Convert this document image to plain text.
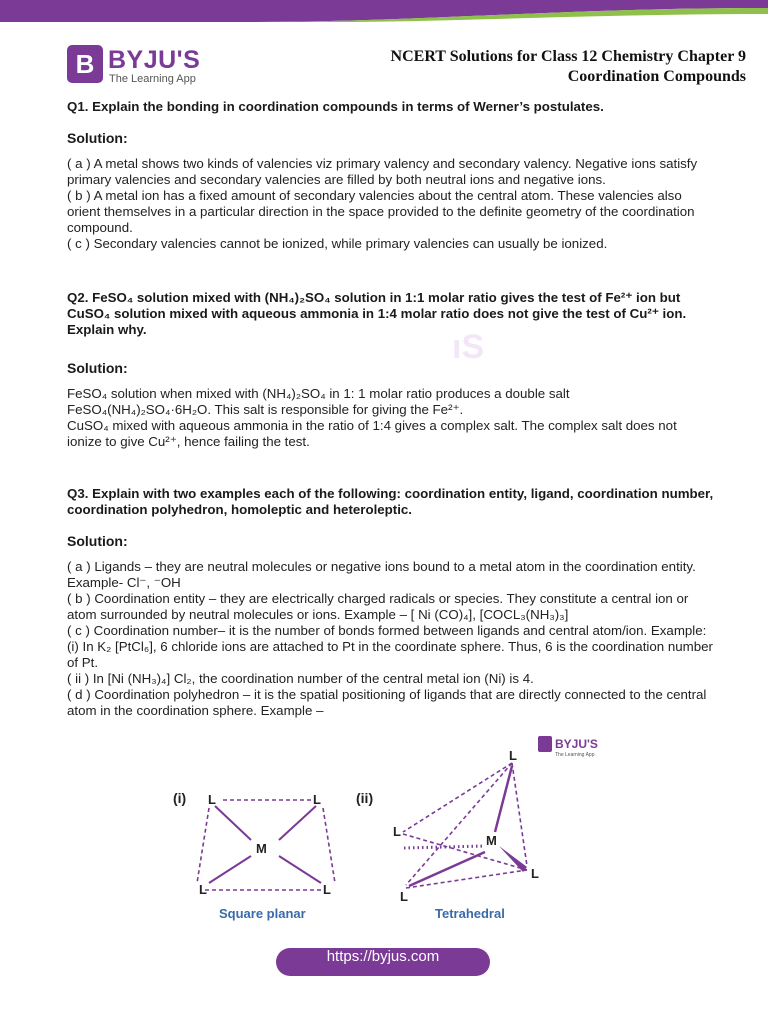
B BYJU'S
The Learning App
NCERT Solutions for Class 12 Chemistry Chapter 9
Coordination Compounds
ıS

Q1. Explain the bonding in coordination compounds in terms of Werner’s postulates.

Solution:

( a ) A metal shows two kinds of valencies viz primary valency and secondary valency. Negative ions satisfy primary valencies and secondary valencies are filled by both neutral ions and negative ions.

( b ) A metal ion has a fixed amount of secondary valencies about the central atom. These valencies also orient themselves in a particular direction in the space provided to the definite geometry of the coordination compound.

( c ) Secondary valencies cannot be ionized, while primary valencies can usually be ionized.

Q2. FeSO₄ solution mixed with (NH₄)₂SO₄ solution in 1:1 molar ratio gives the test of Fe²⁺ ion but CuSO₄ solution mixed with aqueous ammonia in 1:4 molar ratio does not give the test of Cu²⁺ ion. Explain why.

Solution:

FeSO₄ solution when mixed with (NH₄)₂SO₄ in 1: 1 molar ratio produces a double salt FeSO₄(NH₄)₂SO₄·6H₂O. This salt is responsible for giving the Fe²⁺.

CuSO₄ mixed with aqueous ammonia in the ratio of 1:4 gives a complex salt. The complex salt does not ionize to give Cu²⁺, hence failing the test.

Q3. Explain with two examples each of the following: coordination entity, ligand, coordination number, coordination polyhedron, homoleptic and heteroleptic.

Solution:

( a ) Ligands – they are neutral molecules or negative ions bound to a metal atom in the coordination entity. Example- Cl⁻, ⁻OH

( b ) Coordination entity – they are electrically charged radicals or species. They constitute a central ion or atom surrounded by neutral molecules or ions. Example – [ Ni (CO)₄], [COCL₃(NH₃)₃]

( c ) Coordination number– it is the number of bonds formed between ligands and central atom/ion. Example: (i) In K₂ [PtCl₆], 6 chloride ions are attached to Pt in the coordinate sphere. Thus, 6 is the coordination number of Pt.

( ii ) In [Ni (NH₃)₄] Cl₂, the coordination number of the central metal ion (Ni) is 4.

( d ) Coordination polyhedron – it is the spatial positioning of ligands that are directly connected to the central atom in the coordination sphere. Example –

(i) L	L
L	L
M
Square planar
(ii)
L
L
L
L
M
Tetrahedral
BYJU'S
The Learning App
https://byjus.com
